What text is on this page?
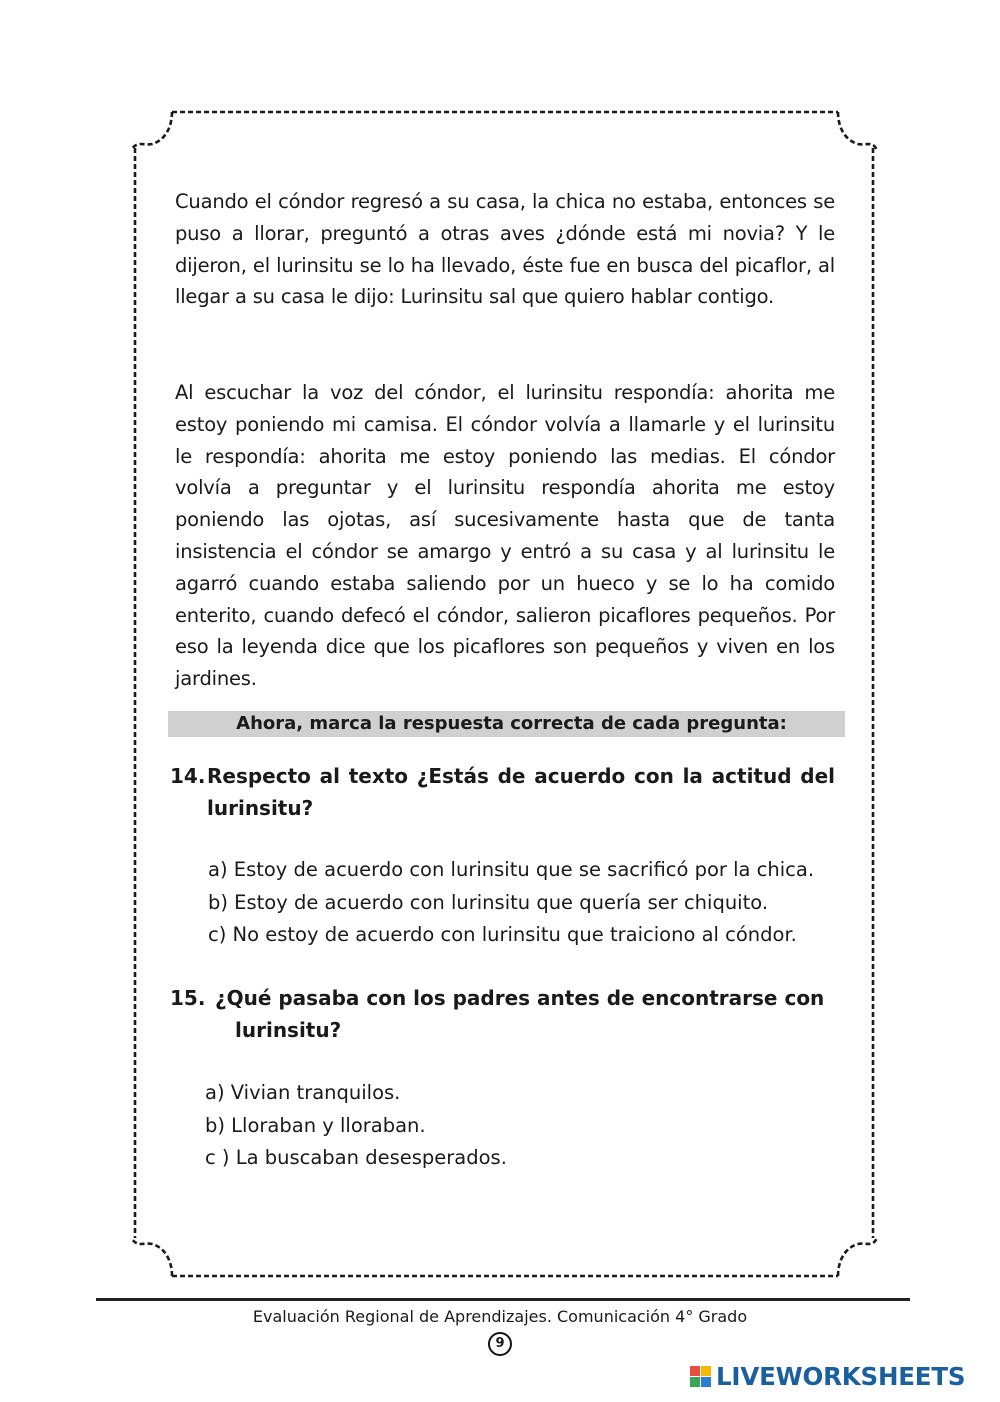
Cuando el cóndor regresó a su casa, la chica no estaba, entonces se puso a llorar, preguntó a otras aves ¿dónde está mi novia? Y le dijeron, el lurinsitu se lo ha llevado, éste fue en busca del picaflor, al llegar a su casa le dijo: Lurinsitu sal que quiero hablar contigo.

Al escuchar la voz del cóndor, el lurinsitu respondía: ahorita me estoy poniendo mi camisa. El cóndor volvía a llamarle y el lurinsitu le respondía: ahorita me estoy poniendo las medias. El cóndor volvía a preguntar y el lurinsitu respondía ahorita me estoy poniendo las ojotas, así sucesivamente hasta que de tanta insistencia el cóndor se amargo y entró a su casa y al lurinsitu le agarró cuando estaba saliendo por un hueco y se lo ha comido enterito, cuando defecó el cóndor, salieron picaflores pequeños. Por eso la leyenda dice que los picaflores son pequeños y viven en los jardines.

Ahora, marca la respuesta correcta de cada pregunta:
14. Respecto al texto ¿Estás de acuerdo con la actitud del lurinsitu?

a) Estoy de acuerdo con lurinsitu que se sacrificó por la chica.
b) Estoy de acuerdo con lurinsitu que quería ser chiquito.
c) No estoy de acuerdo con lurinsitu que traiciono al cóndor.
15. ¿Qué pasaba con los padres antes de encontrarse con
lurinsitu?

a) Vivian tranquilos.
b) Lloraban y lloraban.
c ) La buscaban desesperados.
Evaluación Regional de Aprendizajes. Comunicación 4° Grado
9
LIVEWORKSHEETS
